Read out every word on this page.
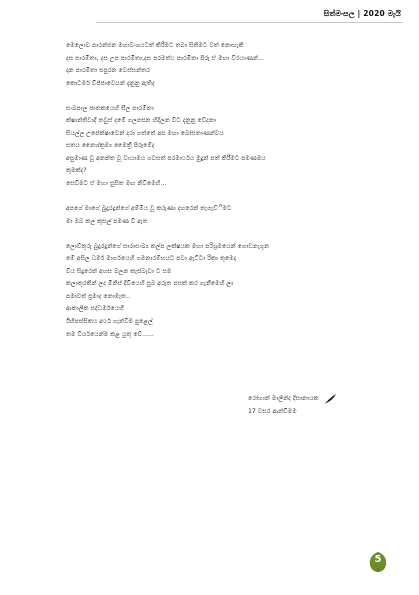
සිත්මංසල | 2020 මැයි
මෙලොව පාරන්ජන මහාවංශයටත් කිරීමට තබා සිතිමට වත් නොහැකි
දස පාරමිතා, දස උප පාරමිතා,දස පරමත්ථ පාරමිතා පිරූ ඒ මහා වීරයාණන්...
දාන පාරමිතා සපුරන වෙස්සන්තර
කොටමර් විජ්ජාවෙයන් දැනුනු ඇතිද
සංඛපාල ජාතකයෙහි සීල පාරමිතා
ක්ෂාන්තිවාදී තවුස් දමේ ගලපසන හිදිලන වීට දැනුනු වේදනා
සියල්ල උපේක්ෂාවෙන් දරා ගත්තේ අප මහා බෝසතාණන්වය
සතය නෛශ්ක්‍රම්‍ය මෛත්‍රී පිරූමේද
අසුමාණ වූ අනන්ත වූ වායාමය ගවසත් පරමාර්ථය මුදුන් පත් කිරීමට පමණමය
කුමක්ද?
සෙවීමට ඒ මහා සුසිත මඟ නිවිමෙහි...
අපගේ මාගේ බුදුරදුන්ගේ අම්මිය වූ කරුණා දහරෙන් තැගැව්ීමට
මා ඔබ කල කුසල් පමණ වී ඇත
ලොව්තුරු බුදුරදුන්ගේ සාරාසංඛ්‍ය කල්ප ලක්ෂයක මහා පරිශ්‍රමයෙන් ගොඩනැගුන
මේ අසිල ධර්ම මාර්ගයෙහි ගමනාරම්භයට පවා ඇට්ටා රිකා තුමෙද
විය සිදුරෙන් අහස බලන කැස්බෑවා ට සම
කලාතුරකින් ලද මිනිස් දිවියෙහි සුබ අරුත පසක් කර ගැනීමෙහි ලා
පමාවත් ප්‍රමාද නොමැත..
ආකාලික සද්ධර්මයෙහි
ඊහිපස්සිකය අර්ථ ගැන්වීම පුළෙල්
තම වීර්යයෙන්ම කළ යුතු වේ......
රෝහාන් මාලින්ද දිසානායක
17 වසර ආන්ඩිමම
5
